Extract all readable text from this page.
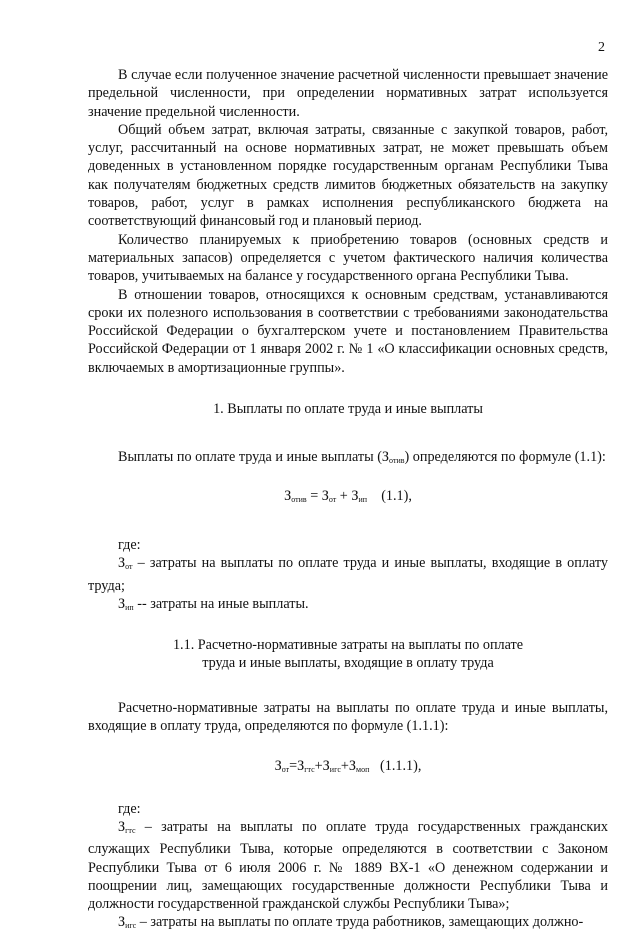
2

В случае если полученное значение расчетной численности превышает значение предельной численности, при определении нормативных затрат используется значение предельной численности.

Общий объем затрат, включая затраты, связанные с закупкой товаров, работ, услуг, рассчитанный на основе нормативных затрат, не может превышать объем доведенных в установленном порядке государственным органам Республики Тыва как получателям бюджетных средств лимитов бюджетных обязательств на закупку товаров, работ, услуг в рамках исполнения республиканского бюджета на соответствующий финансовый год и плановый период.

Количество планируемых к приобретению товаров (основных средств и материальных запасов) определяется с учетом фактического наличия количества товаров, учитываемых на балансе у государственного органа Республики Тыва.

В отношении товаров, относящихся к основным средствам, устанавливаются сроки их полезного использования в соответствии с требованиями законодательства Российской Федерации о бухгалтерском учете и постановлением Правительства Российской Федерации от 1 января 2002 г. № 1 «О классификации основных средств, включаемых в амортизационные группы».

1. Выплаты по оплате труда и иные выплаты

Выплаты по оплате труда и иные выплаты $(З_{отив})$ определяются по формуле (1.1):

$З_{отив} = З_{от} + З_{ип}$ (1.1),

где:

$З_{от}$ – затраты на выплаты по оплате труда и иные выплаты, входящие в оплату труда;

$З_{ип}$ -- затраты на иные выплаты.

1.1. Расчетно-нормативные затраты на выплаты по оплате

труда и иные выплаты, входящие в оплату труда

Расчетно-нормативные затраты на выплаты по оплате труда и иные выплаты, входящие в оплату труда, определяются по формуле (1.1.1):

$З_{от}=З_{гтс}+З_{игс}+З_{моп}$ (1.1.1),

где:

$З_{гтс}$ – затраты на выплаты по оплате труда государственных гражданских служащих Республики Тыва, которые определяются в соответствии с Законом Республики Тыва от 6 июля 2006 г. № 1889 ВХ-1 «О денежном содержании и поощрении лиц, замещающих государственные должности Республики Тыва и должности государственной гражданской службы Республики Тыва»;

$З_{игс}$ – затраты на выплаты по оплате труда работников, замещающих должно-
